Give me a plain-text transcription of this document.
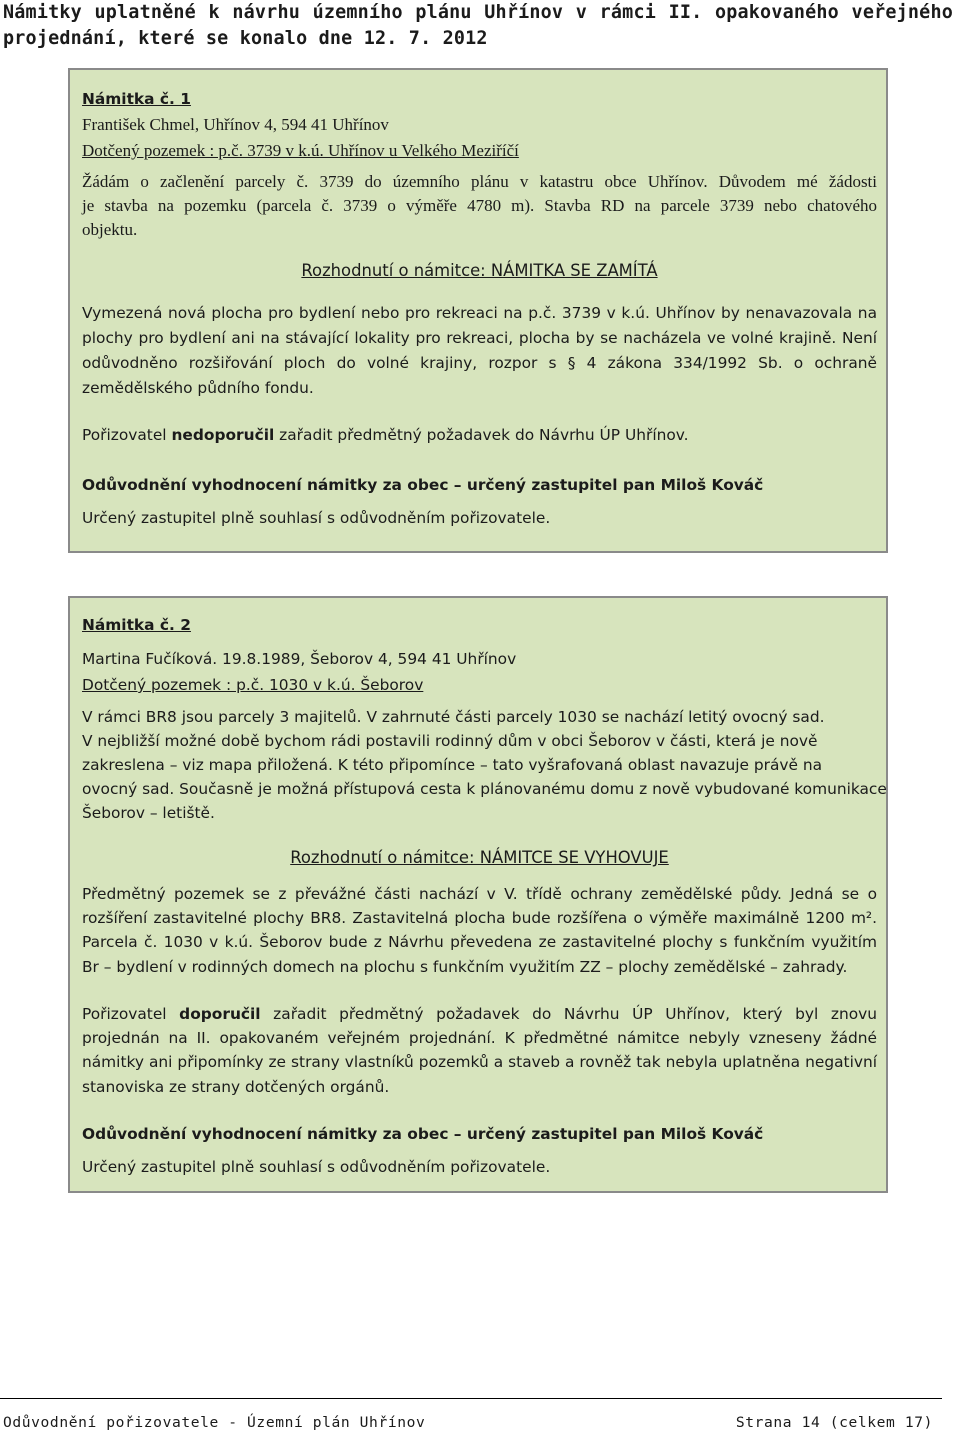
Námitky uplatněné k návrhu územního plánu Uhřínov v rámci II. opakovaného veřejného
projednání, které se konalo dne 12. 7. 2012
Námitka č. 1
František Chmel, Uhřínov 4, 594 41 Uhřínov
Dotčený pozemek : p.č. 3739 v k.ú. Uhřínov u Velkého Meziříčí
Žádám o začlenění parcely č. 3739 do územního plánu v katastru obce Uhřínov. Důvodem mé žádosti
je stavba na pozemku (parcela č. 3739 o výměře 4780 m). Stavba RD na parcele 3739 nebo chatového
objektu.
Rozhodnutí o námitce: NÁMITKA SE ZAMÍTÁ
Vymezená nová plocha pro bydlení nebo pro rekreaci na p.č. 3739 v k.ú. Uhřínov by nenavazovala na
plochy pro bydlení ani na stávající lokality pro rekreaci, plocha by se nacházela ve volné krajině. Není
odůvodněno rozšiřování ploch do volné krajiny, rozpor s § 4 zákona 334/1992 Sb. o ochraně
zemědělského půdního fondu.
Pořizovatel nedoporučil zařadit předmětný požadavek do Návrhu ÚP Uhřínov.
Odůvodnění vyhodnocení námitky za obec – určený zastupitel pan Miloš Kováč
Určený zastupitel plně souhlasí s odůvodněním pořizovatele.
Námitka č. 2
Martina Fučíková. 19.8.1989, Šeborov 4, 594 41 Uhřínov
Dotčený pozemek : p.č. 1030 v k.ú. Šeborov
V rámci BR8 jsou parcely 3 majitelů. V zahrnuté části parcely 1030 se nachází letitý ovocný sad.
V nejbližší možné době bychom rádi postavili rodinný dům v obci Šeborov v části, která je nově
zakreslena – viz mapa přiložená. K této připomínce – tato vyšrafovaná oblast navazuje právě na
ovocný sad. Současně je možná přístupová cesta k plánovanému domu z nově vybudované komunikace
Šeborov – letiště.
Rozhodnutí o námitce: NÁMITCE SE VYHOVUJE
Předmětný pozemek se z převážné části nachází v V. třídě ochrany zemědělské půdy. Jedná se o
rozšíření zastavitelné plochy BR8. Zastavitelná plocha bude rozšířena o výměře maximálně 1200 m².
Parcela č. 1030 v k.ú. Šeborov bude z Návrhu převedena ze zastavitelné plochy s funkčním využitím
Br – bydlení v rodinných domech na plochu s funkčním využitím ZZ – plochy zemědělské – zahrady.
Pořizovatel doporučil zařadit předmětný požadavek do Návrhu ÚP Uhřínov, který byl znovu
projednán na II. opakovaném veřejném projednání. K předmětné námitce nebyly vzneseny žádné
námitky ani připomínky ze strany vlastníků pozemků a staveb a rovněž tak nebyla uplatněna negativní
stanoviska ze strany dotčených orgánů.
Odůvodnění vyhodnocení námitky za obec – určený zastupitel pan Miloš Kováč
Určený zastupitel plně souhlasí s odůvodněním pořizovatele.
Odůvodnění pořizovatele - Územní plán Uhřínov	Strana 14 (celkem 17)
